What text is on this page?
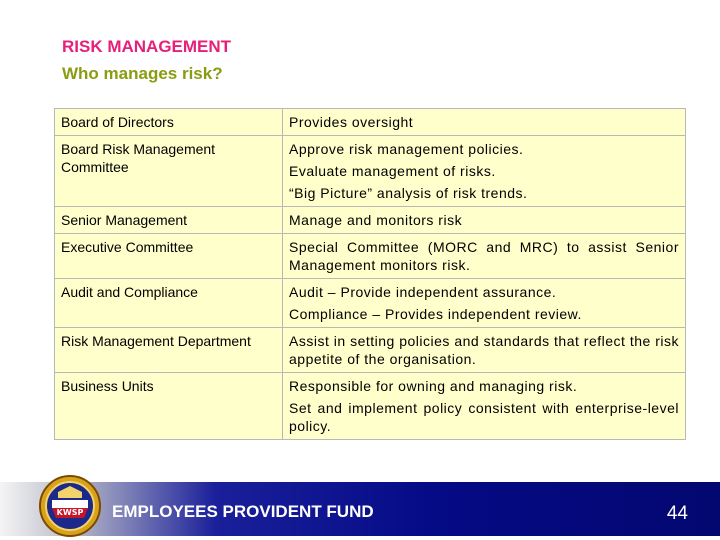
RISK MANAGEMENT
Who manages risk?
Board of Directors	Provides oversight

Board Risk Management Committee	Approve risk management policies.
Evaluate management of risks.
“Big Picture” analysis of risk trends.

Senior Management	Manage and monitors risk

Executive Committee	Special Committee (MORC and MRC) to assist Senior Management monitors risk.

Audit and Compliance	Audit – Provide independent assurance.
Compliance – Provides independent review.

Risk Management Department	Assist in setting policies and standards that reflect the risk appetite of the organisation.

Business Units	Responsible for owning and managing risk.
Set and implement policy consistent with enterprise-level policy.
EMPLOYEES PROVIDENT FUND	44
KWSP
